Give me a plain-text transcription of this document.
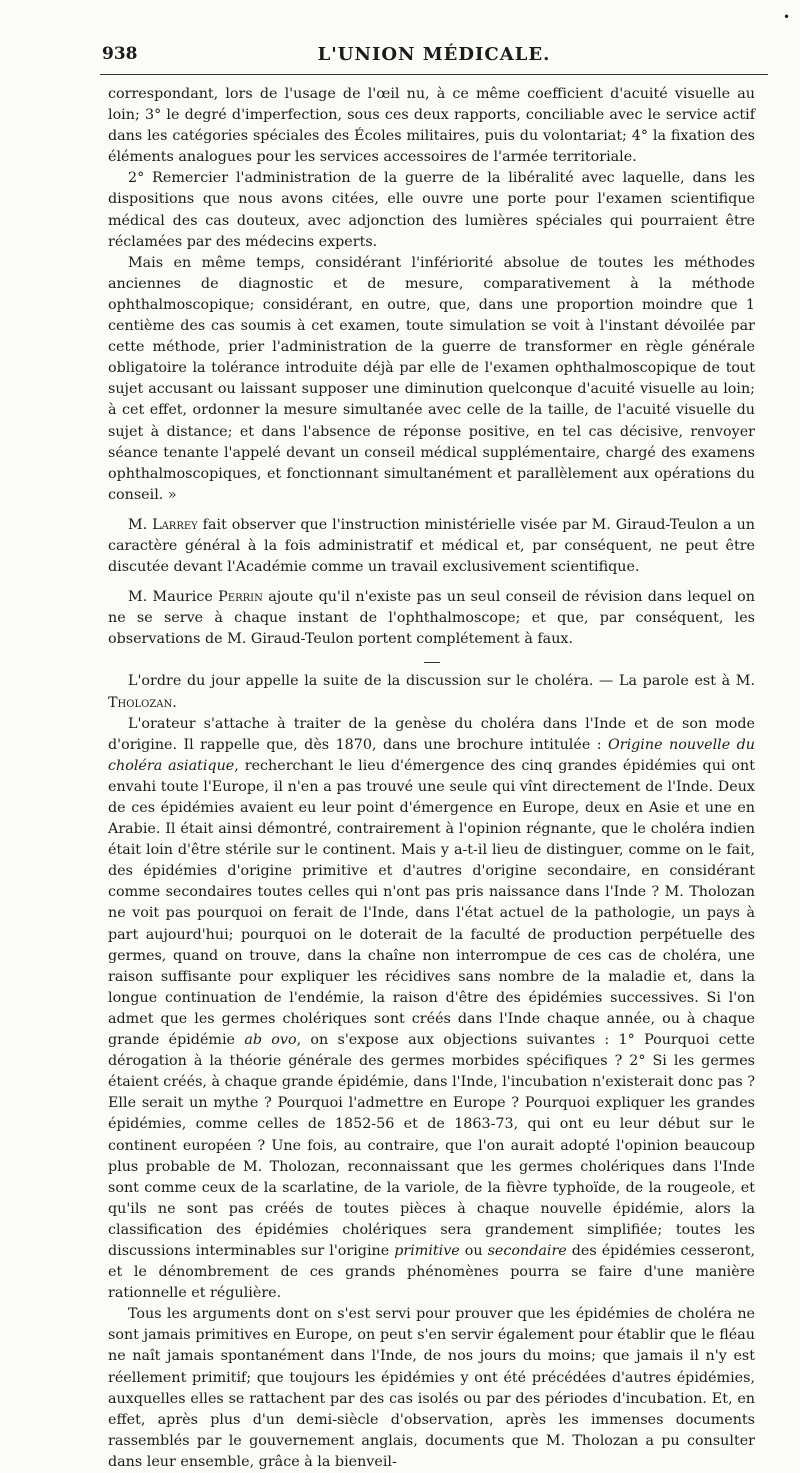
•
938	L'UNION MÉDICALE.

correspondant, lors de l'usage de l'œil nu, à ce même coefficient d'acuité visuelle au loin; 3° le degré d'imperfection, sous ces deux rapports, conciliable avec le service actif dans les catégories spéciales des Écoles militaires, puis du volontariat; 4° la fixation des éléments analogues pour les services accessoires de l'armée territoriale.

2° Remercier l'administration de la guerre de la libéralité avec laquelle, dans les dispositions que nous avons citées, elle ouvre une porte pour l'examen scientifique médical des cas douteux, avec adjonction des lumières spéciales qui pourraient être réclamées par des médecins experts.

Mais en même temps, considérant l'infériorité absolue de toutes les méthodes anciennes de diagnostic et de mesure, comparativement à la méthode ophthalmoscopique; considérant, en outre, que, dans une proportion moindre que 1 centième des cas soumis à cet examen, toute simulation se voit à l'instant dévoilée par cette méthode, prier l'administration de la guerre de transformer en règle générale obligatoire la tolérance introduite déjà par elle de l'examen ophthalmoscopique de tout sujet accusant ou laissant supposer une diminution quelconque d'acuité visuelle au loin; à cet effet, ordonner la mesure simultanée avec celle de la taille, de l'acuité visuelle du sujet à distance; et dans l'absence de réponse positive, en tel cas décisive, renvoyer séance tenante l'appelé devant un conseil médical supplémentaire, chargé des examens ophthalmoscopiques, et fonctionnant simultanément et parallèlement aux opérations du conseil. »

M. Larrey fait observer que l'instruction ministérielle visée par M. Giraud-Teulon a un caractère général à la fois administratif et médical et, par conséquent, ne peut être discutée devant l'Académie comme un travail exclusivement scientifique.

M. Maurice Perrin ajoute qu'il n'existe pas un seul conseil de révision dans lequel on ne se serve à chaque instant de l'ophthalmoscope; et que, par conséquent, les observations de M. Giraud-Teulon portent complétement à faux.

L'ordre du jour appelle la suite de la discussion sur le choléra. — La parole est à M. Tholozan.

L'orateur s'attache à traiter de la genèse du choléra dans l'Inde et de son mode d'origine. Il rappelle que, dès 1870, dans une brochure intitulée : Origine nouvelle du choléra asiatique, recherchant le lieu d'émergence des cinq grandes épidémies qui ont envahi toute l'Europe, il n'en a pas trouvé une seule qui vînt directement de l'Inde. Deux de ces épidémies avaient eu leur point d'émergence en Europe, deux en Asie et une en Arabie. Il était ainsi démontré, contrairement à l'opinion régnante, que le choléra indien était loin d'être stérile sur le continent. Mais y a-t-il lieu de distinguer, comme on le fait, des épidémies d'origine primitive et d'autres d'origine secondaire, en considérant comme secondaires toutes celles qui n'ont pas pris naissance dans l'Inde ? M. Tholozan ne voit pas pourquoi on ferait de l'Inde, dans l'état actuel de la pathologie, un pays à part aujourd'hui; pourquoi on le doterait de la faculté de production perpétuelle des germes, quand on trouve, dans la chaîne non interrompue de ces cas de choléra, une raison suffisante pour expliquer les récidives sans nombre de la maladie et, dans la longue continuation de l'endémie, la raison d'être des épidémies successives. Si l'on admet que les germes cholériques sont créés dans l'Inde chaque année, ou à chaque grande épidémie ab ovo, on s'expose aux objections suivantes : 1° Pourquoi cette dérogation à la théorie générale des germes morbides spécifiques ? 2° Si les germes étaient créés, à chaque grande épidémie, dans l'Inde, l'incubation n'existerait donc pas ? Elle serait un mythe ? Pourquoi l'admettre en Europe ? Pourquoi expliquer les grandes épidémies, comme celles de 1852-56 et de 1863-73, qui ont eu leur début sur le continent européen ? Une fois, au contraire, que l'on aurait adopté l'opinion beaucoup plus probable de M. Tholozan, reconnaissant que les germes cholériques dans l'Inde sont comme ceux de la scarlatine, de la variole, de la fièvre typhoïde, de la rougeole, et qu'ils ne sont pas créés de toutes pièces à chaque nouvelle épidémie, alors la classification des épidémies cholériques sera grandement simplifiée; toutes les discussions interminables sur l'origine primitive ou secondaire des épidémies cesseront, et le dénombrement de ces grands phénomènes pourra se faire d'une manière rationnelle et régulière.

Tous les arguments dont on s'est servi pour prouver que les épidémies de choléra ne sont jamais primitives en Europe, on peut s'en servir également pour établir que le fléau ne naît jamais spontanément dans l'Inde, de nos jours du moins; que jamais il n'y est réellement primitif; que toujours les épidémies y ont été précédées d'autres épidémies, auxquelles elles se rattachent par des cas isolés ou par des périodes d'incubation. Et, en effet, après plus d'un demi-siècle d'observation, après les immenses documents rassemblés par le gouvernement anglais, documents que M. Tholozan a pu consulter dans leur ensemble, grâce à la bienveil-
